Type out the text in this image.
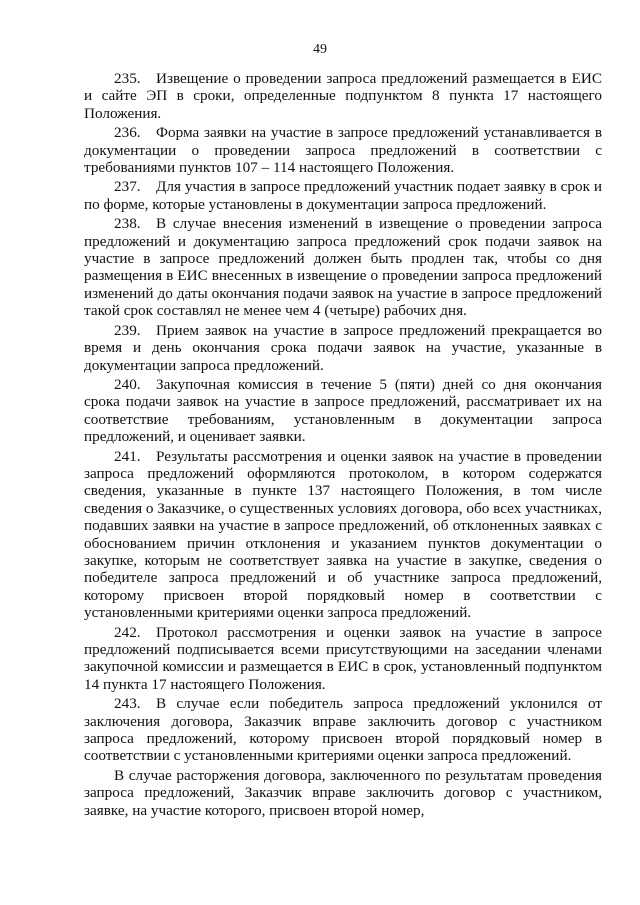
49

235. Извещение о проведении запроса предложений размещается в ЕИС и сайте ЭП в сроки, определенные подпунктом 8 пункта 17 настоящего Положения.

236. Форма заявки на участие в запросе предложений устанавливается в документации о проведении запроса предложений в соответствии с требованиями пунктов 107 – 114 настоящего Положения.

237. Для участия в запросе предложений участник подает заявку в срок и по форме, которые установлены в документации запроса предложений.

238. В случае внесения изменений в извещение о проведении запроса предложений и документацию запроса предложений срок подачи заявок на участие в запросе предложений должен быть продлен так, чтобы со дня размещения в ЕИС внесенных в извещение о проведении запроса предложений изменений до даты окончания подачи заявок на участие в запросе предложений такой срок составлял не менее чем 4 (четыре) рабочих дня.

239. Прием заявок на участие в запросе предложений прекращается во время и день окончания срока подачи заявок на участие, указанные в документации запроса предложений.

240. Закупочная комиссия в течение 5 (пяти) дней со дня окончания срока подачи заявок на участие в запросе предложений, рассматривает их на соответствие требованиям, установленным в документации запроса предложений, и оценивает заявки.

241. Результаты рассмотрения и оценки заявок на участие в проведении запроса предложений оформляются протоколом, в котором содержатся сведения, указанные в пункте 137 настоящего Положения, в том числе сведения о Заказчике, о существенных условиях договора, обо всех участниках, подавших заявки на участие в запросе предложений, об отклоненных заявках с обоснованием причин отклонения и указанием пунктов документации о закупке, которым не соответствует заявка на участие в закупке, сведения о победителе запроса предложений и об участнике запроса предложений, которому присвоен второй порядковый номер в соответствии с установленными критериями оценки запроса предложений.

242. Протокол рассмотрения и оценки заявок на участие в запросе предложений подписывается всеми присутствующими на заседании членами закупочной комиссии и размещается в ЕИС в срок, установленный подпунктом 14 пункта 17 настоящего Положения.

243. В случае если победитель запроса предложений уклонился от заключения договора, Заказчик вправе заключить договор с участником запроса предложений, которому присвоен второй порядковый номер в соответствии с установленными критериями оценки запроса предложений.

В случае расторжения договора, заключенного по результатам проведения запроса предложений, Заказчик вправе заключить договор с участником, заявке, на участие которого, присвоен второй номер,
